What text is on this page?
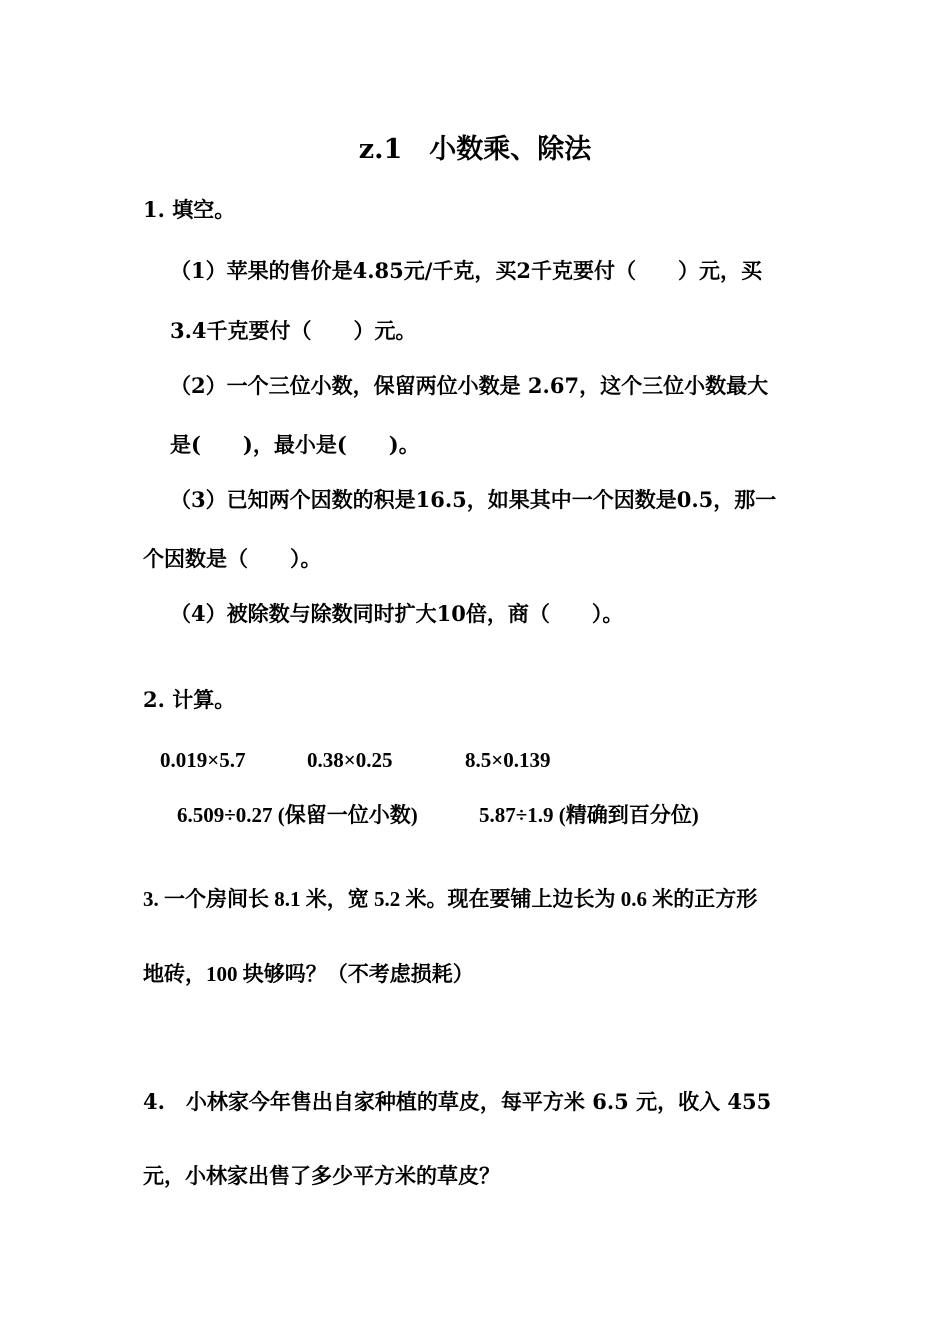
z.1　小数乘、除法
1. 填空。
（1）苹果的售价是4.85元/千克，买2千克要付（　　）元，买
3.4千克要付（　　）元。
（2）一个三位小数，保留两位小数是 2.67，这个三位小数最大
是(　　)，最小是(　　)。
（3）已知两个因数的积是16.5，如果其中一个因数是0.5，那一
个因数是（　　）。
（4）被除数与除数同时扩大10倍，商（　　）。
2. 计算。
0.019×5.7	0.38×0.25	8.5×0.139
6.509÷0.27 (保留一位小数)	5.87÷1.9 (精确到百分位)
3. 一个房间长 8.1 米，宽 5.2 米。现在要铺上边长为 0.6 米的正方形
地砖，100 块够吗？（不考虑损耗）
4.　小林家今年售出自家种植的草皮，每平方米 6.5 元，收入 455
元，小林家出售了多少平方米的草皮？
